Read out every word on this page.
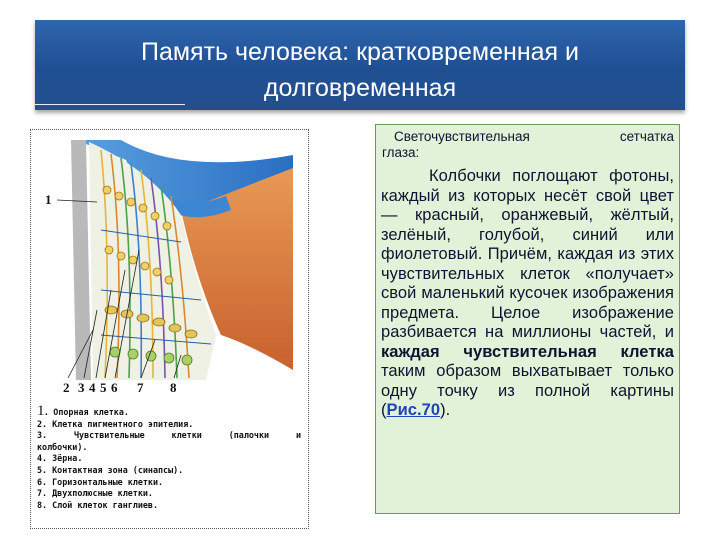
Память человека: кратковременная и
долговременная
1
2 3 4 5 6 7 8
1. Опорная клетка.
2. Клетка пигментного эпителия.
3.	Чувствительные	клетки	(палочки	и
колбочки).
4. Зёрна.
5. Контактная зона (синапсы).
6. Горизонтальные клетки.
7. Двухполюсные клетки.
8. Слой клеток ганглиев.
Светочувствительная	сетчатка
глаза:
Колбочки поглощают фотоны, каждый из которых несёт свой цвет — красный, оранжевый, жёлтый, зелёный, голубой, синий или фиолетовый. Причём, каждая из этих чувствительных клеток «получает» свой маленький кусочек изображения предмета. Целое изображение разбивается на миллионы частей, и каждая чувствительная клетка таким образом выхватывает только одну точку из полной картины (Рис.70).
